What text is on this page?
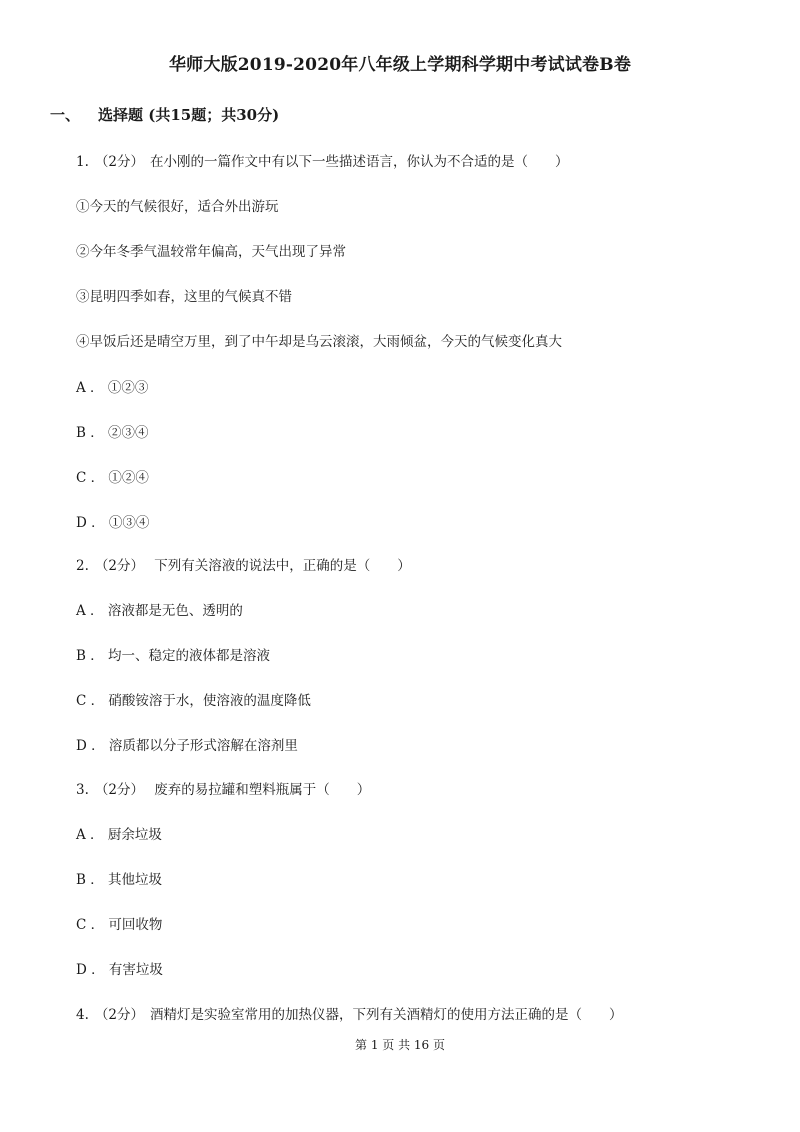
华师大版2019-2020年八年级上学期科学期中考试试卷B卷
一、 选择题 (共15题；共30分)
1. （2分） 在小刚的一篇作文中有以下一些描述语言，你认为不合适的是（　　）
①今天的气候很好，适合外出游玩
②今年冬季气温较常年偏高，天气出现了异常
③昆明四季如春，这里的气候真不错
④早饭后还是晴空万里，到了中午却是乌云滚滚，大雨倾盆，今天的气候变化真大
A ． ①②③
B ． ②③④
C ． ①②④
D ． ①③④
2. （2分） 下列有关溶液的说法中，正确的是（　　）
A ． 溶液都是无色、透明的
B ． 均一、稳定的液体都是溶液
C ． 硝酸铵溶于水，使溶液的温度降低
D ． 溶质都以分子形式溶解在溶剂里
3. （2分） 废弃的易拉罐和塑料瓶属于（　　）
A ． 厨余垃圾
B ． 其他垃圾
C ． 可回收物
D ． 有害垃圾
4. （2分） 酒精灯是实验室常用的加热仪器，下列有关酒精灯的使用方法正确的是（　　）
第 1 页 共 16 页
